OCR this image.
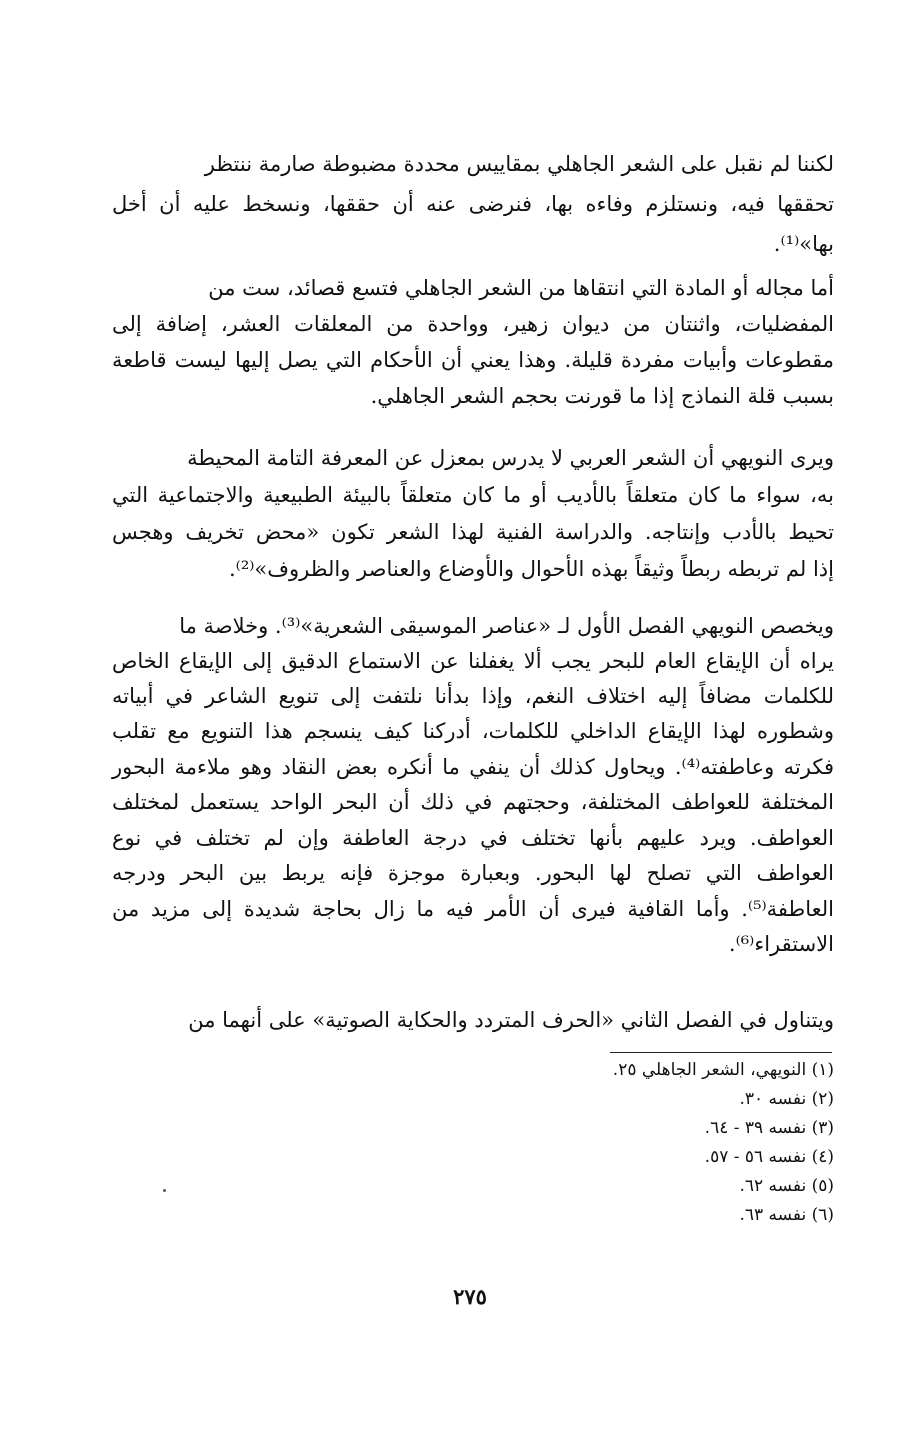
لكننا لم نقبل على الشعر الجاهلي بمقاييس محددة مضبوطة صارمة ننتظر
تحققها فيه، ونستلزم وفاءه بها، فنرضى عنه أن حققها، ونسخط عليه أن أخل
بها»⁽¹⁾.
أما مجاله أو المادة التي انتقاها من الشعر الجاهلي فتسع قصائد، ست من
المفضليات، واثنتان من ديوان زهير، وواحدة من المعلقات العشر، إضافة إلى
مقطوعات وأبيات مفردة قليلة. وهذا يعني أن الأحكام التي يصل إليها ليست قاطعة
بسبب قلة النماذج إذا ما قورنت بحجم الشعر الجاهلي.
ويرى النويهي أن الشعر العربي لا يدرس بمعزل عن المعرفة التامة المحيطة
به، سواء ما كان متعلقاً بالأديب أو ما كان متعلقاً بالبيئة الطبيعية والاجتماعية التي
تحيط بالأدب وإنتاجه. والدراسة الفنية لهذا الشعر تكون «محض تخريف وهجس
إذا لم تربطه ربطاً وثيقاً بهذه الأحوال والأوضاع والعناصر والظروف»⁽²⁾.
ويخصص النويهي الفصل الأول لـ «عناصر الموسيقى الشعرية»⁽³⁾. وخلاصة ما
يراه أن الإيقاع العام للبحر يجب ألا يغفلنا عن الاستماع الدقيق إلى الإيقاع الخاص
للكلمات مضافاً إليه اختلاف النغم، وإذا بدأنا نلتفت إلى تنويع الشاعر في أبياته
وشطوره لهذا الإيقاع الداخلي للكلمات، أدركنا كيف ينسجم هذا التنويع مع تقلب
فكرته وعاطفته⁽⁴⁾. ويحاول كذلك أن ينفي ما أنكره بعض النقاد وهو ملاءمة البحور
المختلفة للعواطف المختلفة، وحجتهم في ذلك أن البحر الواحد يستعمل لمختلف
العواطف. ويرد عليهم بأنها تختلف في درجة العاطفة وإن لم تختلف في نوع
العواطف التي تصلح لها البحور. وبعبارة موجزة فإنه يربط بين البحر ودرجه
العاطفة⁽⁵⁾. وأما القافية فيرى أن الأمر فيه ما زال بحاجة شديدة إلى مزيد من
الاستقراء⁽⁶⁾.
ويتناول في الفصل الثاني «الحرف المتردد والحكاية الصوتية» على أنهما من
(١) النويهي، الشعر الجاهلي ٢٥.
(٢) نفسه ٣٠.
(٣) نفسه ٣٩ - ٦٤.
(٤) نفسه ٥٦ - ٥٧.
(٥) نفسه ٦٢.
(٦) نفسه ٦٣.
٢٧٥
